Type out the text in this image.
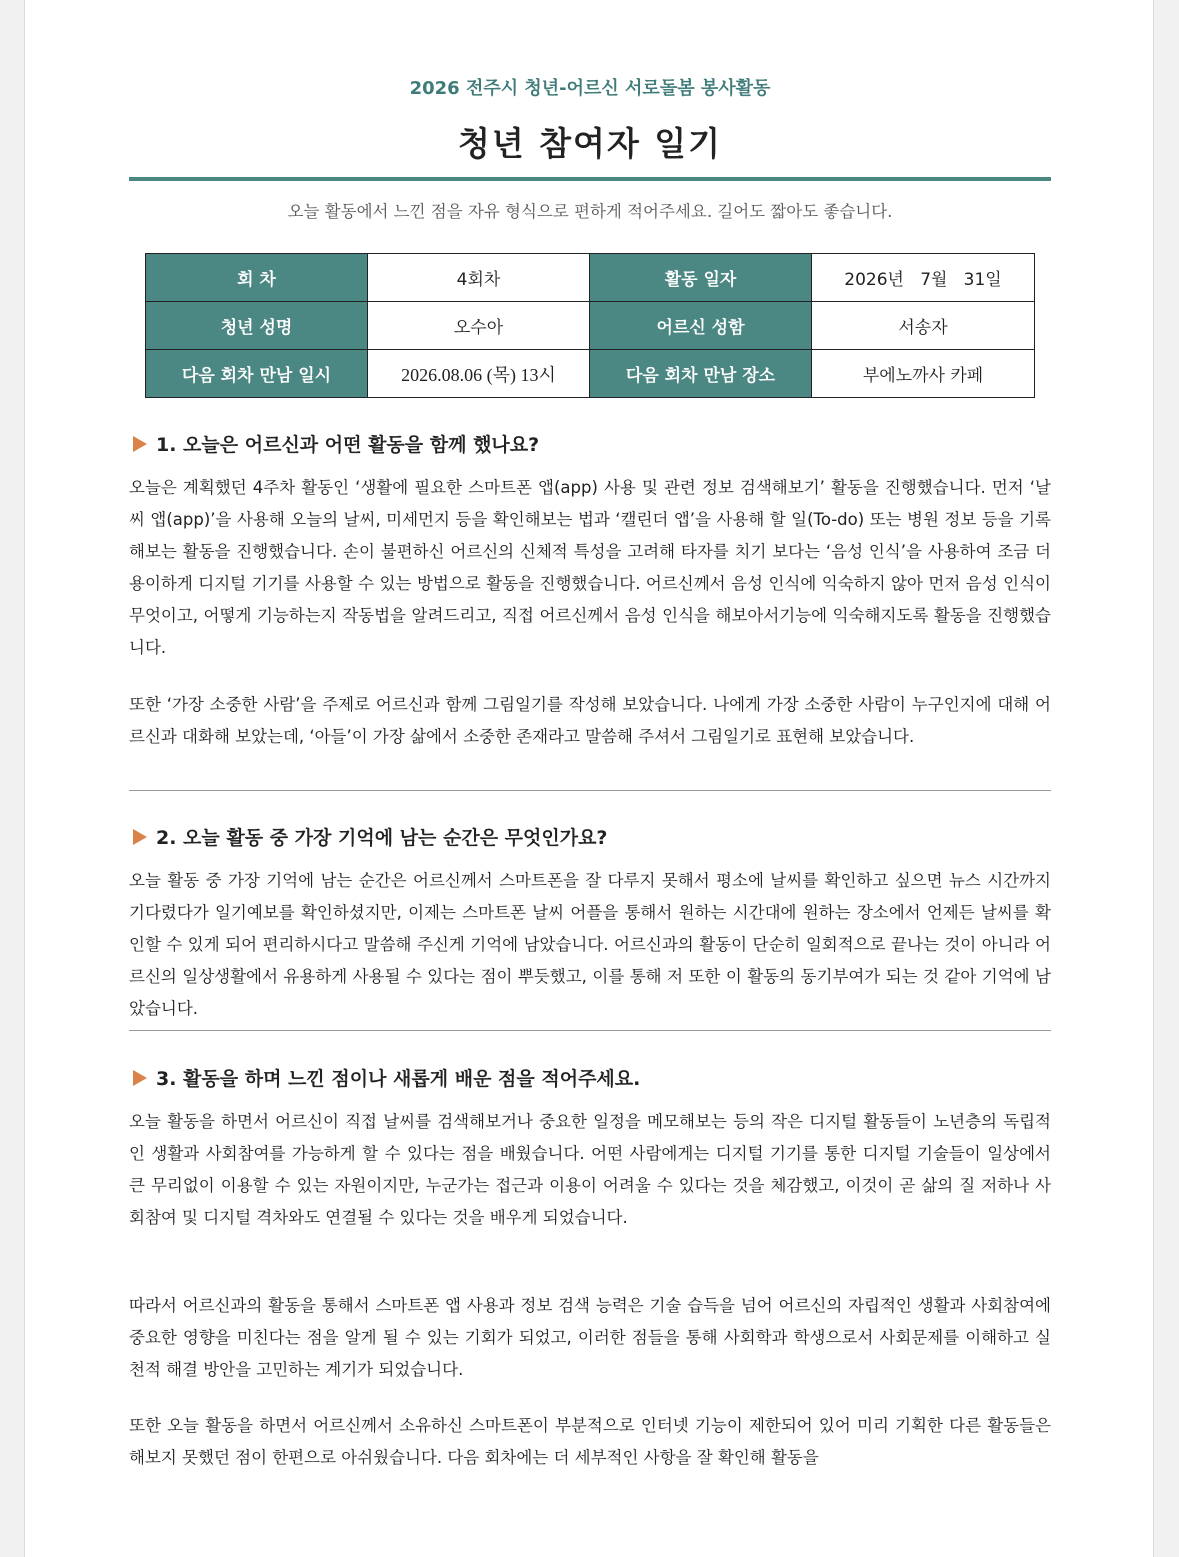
2026 전주시 청년-어르신 서로돌봄 봉사활동
청년 참여자 일기
오늘 활동에서 느낀 점을 자유 형식으로 편하게 적어주세요. 길어도 짧아도 좋습니다.
회 차	4회차	활동 일자	2026년   7월   31일
청년 성명	오수아	어르신 성함	서송자
다음 회차 만남 일시	2026.08.06 (목) 13시	다음 회차 만남 장소	부에노까사 카페
1. 오늘은 어르신과 어떤 활동을 함께 했나요?
오늘은 계획했던 4주차 활동인 ‘생활에 필요한 스마트폰 앱(app) 사용 및 관련 정보 검색해보기’ 활동을 진행했습니다. 먼저 ‘날씨 앱(app)’을 사용해 오늘의 날씨, 미세먼지 등을 확인해보는 법과 ‘캘린더 앱’을 사용해 할 일(To-do) 또는 병원 정보 등을 기록해보는 활동을 진행했습니다. 손이 불편하신 어르신의 신체적 특성을 고려해 타자를 치기 보다는 ‘음성 인식’을 사용하여 조금 더 용이하게 디지털 기기를 사용할 수 있는 방법으로 활동을 진행했습니다. 어르신께서 음성 인식에 익숙하지 않아 먼저 음성 인식이 무엇이고, 어떻게 기능하는지 작동법을 알려드리고, 직접 어르신께서 음성 인식을 해보아서기능에 익숙해지도록 활동을 진행했습니다.
또한 ‘가장 소중한 사람’을 주제로 어르신과 함께 그림일기를 작성해 보았습니다. 나에게 가장 소중한 사람이 누구인지에 대해 어르신과 대화해 보았는데, ‘아들’이 가장 삶에서 소중한 존재라고 말씀해 주셔서 그림일기로 표현해 보았습니다.
2. 오늘 활동 중 가장 기억에 남는 순간은 무엇인가요?
오늘 활동 중 가장 기억에 남는 순간은 어르신께서 스마트폰을 잘 다루지 못해서 평소에 날씨를 확인하고 싶으면 뉴스 시간까지 기다렸다가 일기예보를 확인하셨지만, 이제는 스마트폰 날씨 어플을 통해서 원하는 시간대에 원하는 장소에서 언제든 날씨를 확인할 수 있게 되어 편리하시다고 말씀해 주신게 기억에 남았습니다. 어르신과의 활동이 단순히 일회적으로 끝나는 것이 아니라 어르신의 일상생활에서 유용하게 사용될 수 있다는 점이 뿌듯했고, 이를 통해 저 또한 이 활동의 동기부여가 되는 것 같아 기억에 남았습니다.
3. 활동을 하며 느낀 점이나 새롭게 배운 점을 적어주세요.
오늘 활동을 하면서 어르신이 직접 날씨를 검색해보거나 중요한 일정을 메모해보는 등의 작은 디지털 활동들이 노년층의 독립적인 생활과 사회참여를 가능하게 할 수 있다는 점을 배웠습니다. 어떤 사람에게는 디지털 기기를 통한 디지털 기술들이 일상에서 큰 무리없이 이용할 수 있는 자원이지만, 누군가는 접근과 이용이 어려울 수 있다는 것을 체감했고, 이것이 곧 삶의 질 저하나 사회참여 및 디지털 격차와도 연결될 수 있다는 것을 배우게 되었습니다.
따라서 어르신과의 활동을 통해서 스마트폰 앱 사용과 정보 검색 능력은 기술 습득을 넘어 어르신의 자립적인 생활과 사회참여에 중요한 영향을 미친다는 점을 알게 될 수 있는 기회가 되었고, 이러한 점들을 통해 사회학과 학생으로서 사회문제를 이해하고 실천적 해결 방안을 고민하는 계기가 되었습니다.
또한 오늘 활동을 하면서 어르신께서 소유하신 스마트폰이 부분적으로 인터넷 기능이 제한되어 있어 미리 기획한 다른 활동들은 해보지 못했던 점이 한편으로 아쉬웠습니다. 다음 회차에는 더 세부적인 사항을 잘 확인해 활동을
